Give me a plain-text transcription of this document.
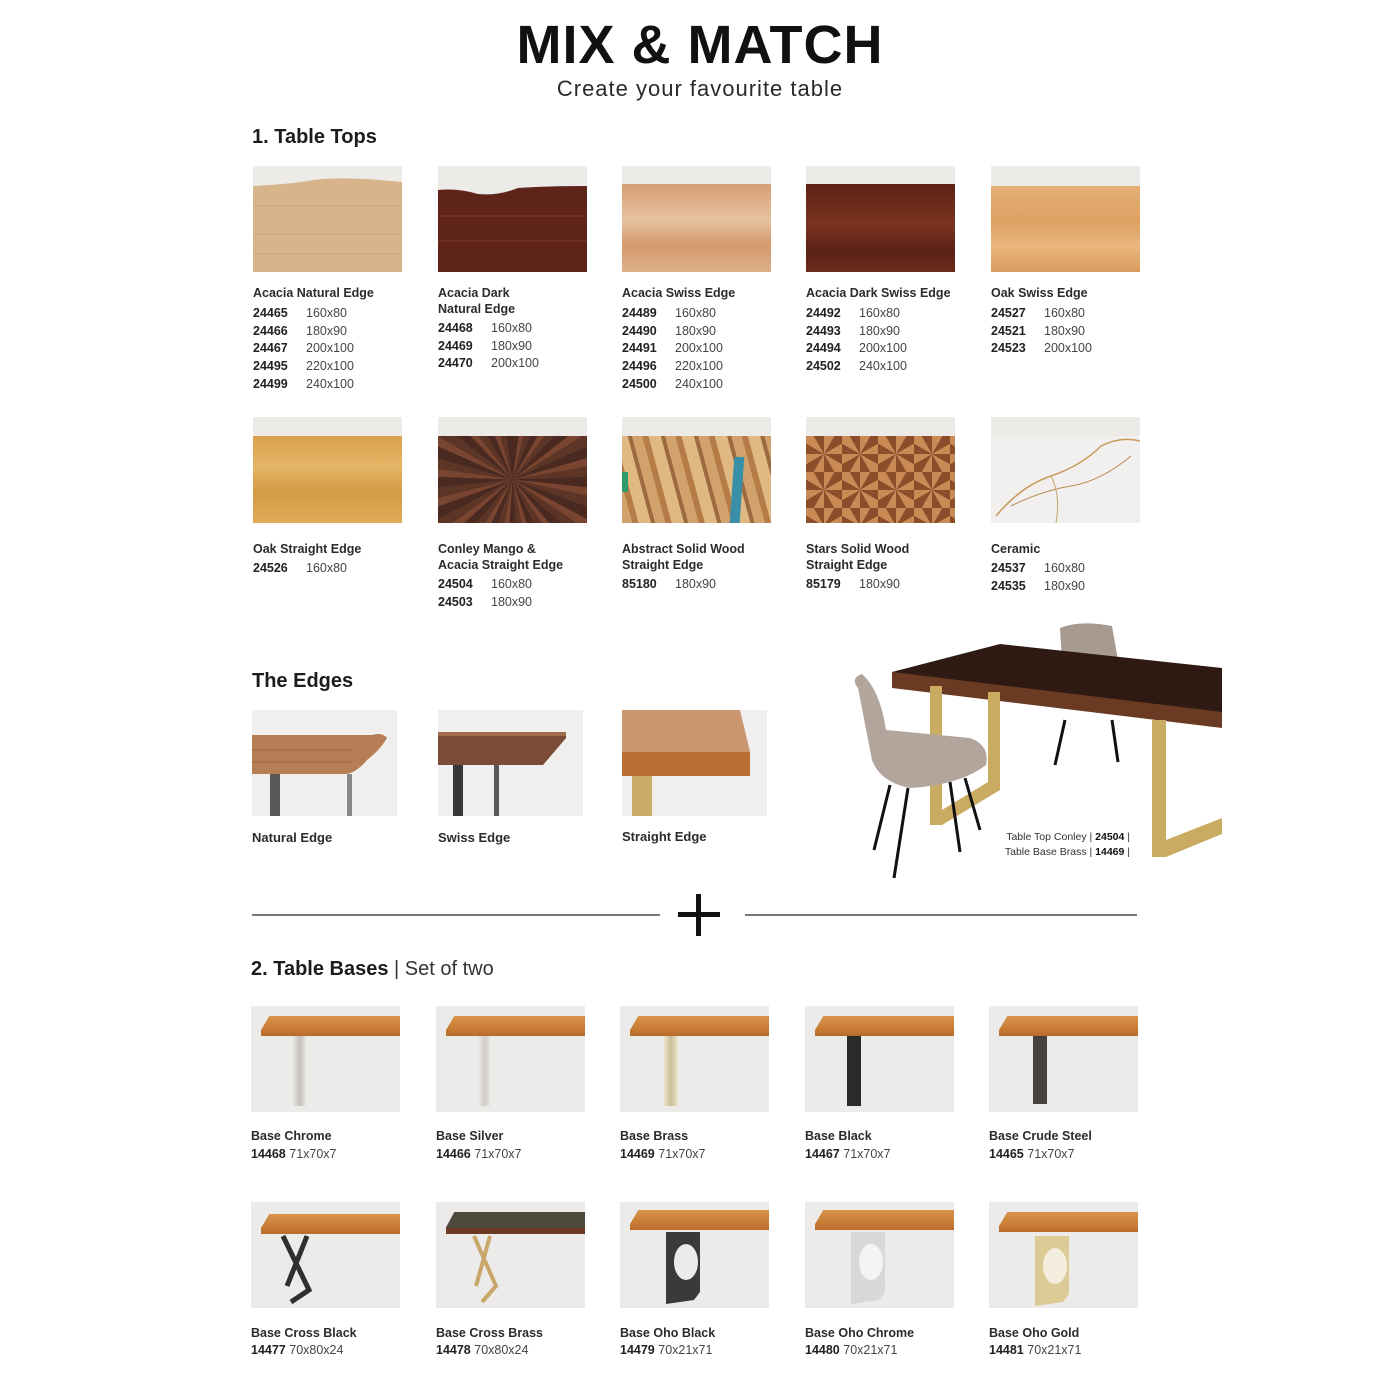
MIX & MATCH
Create your favourite table
1. Table Tops
Acacia Natural Edge
24465	160x80
24466	180x90
24467	200x100
24495	220x100
24499	240x100
Acacia Dark Natural Edge
24468	160x80
24469	180x90
24470	200x100
Acacia Swiss Edge
24489	160x80
24490	180x90
24491	200x100
24496	220x100
24500	240x100
Acacia Dark Swiss Edge
24492	160x80
24493	180x90
24494	200x100
24502	240x100
Oak Swiss Edge
24527	160x80
24521	180x90
24523	200x100
Oak Straight Edge
24526	160x80
Conley Mango & Acacia Straight Edge
24504	160x80
24503	180x90
Abstract Solid Wood Straight Edge
85180	180x90
Stars Solid Wood Straight Edge
85179	180x90
Ceramic
24537	160x80
24535	180x90
The Edges
Natural Edge	Swiss Edge	Straight Edge	Table Top Conley | 24504 |
Table Base Brass | 14469 |
2. Table Bases | Set of two
Base Chrome
14468 71x70x7
Base Silver
14466 71x70x7
Base Brass
14469 71x70x7
Base Black
14467 71x70x7
Base Crude Steel
14465 71x70x7
Base Cross Black
14477 70x80x24
Base Cross Brass
14478 70x80x24
Base Oho Black
14479 70x21x71
Base Oho Chrome
14480 70x21x71
Base Oho Gold
14481 70x21x71
